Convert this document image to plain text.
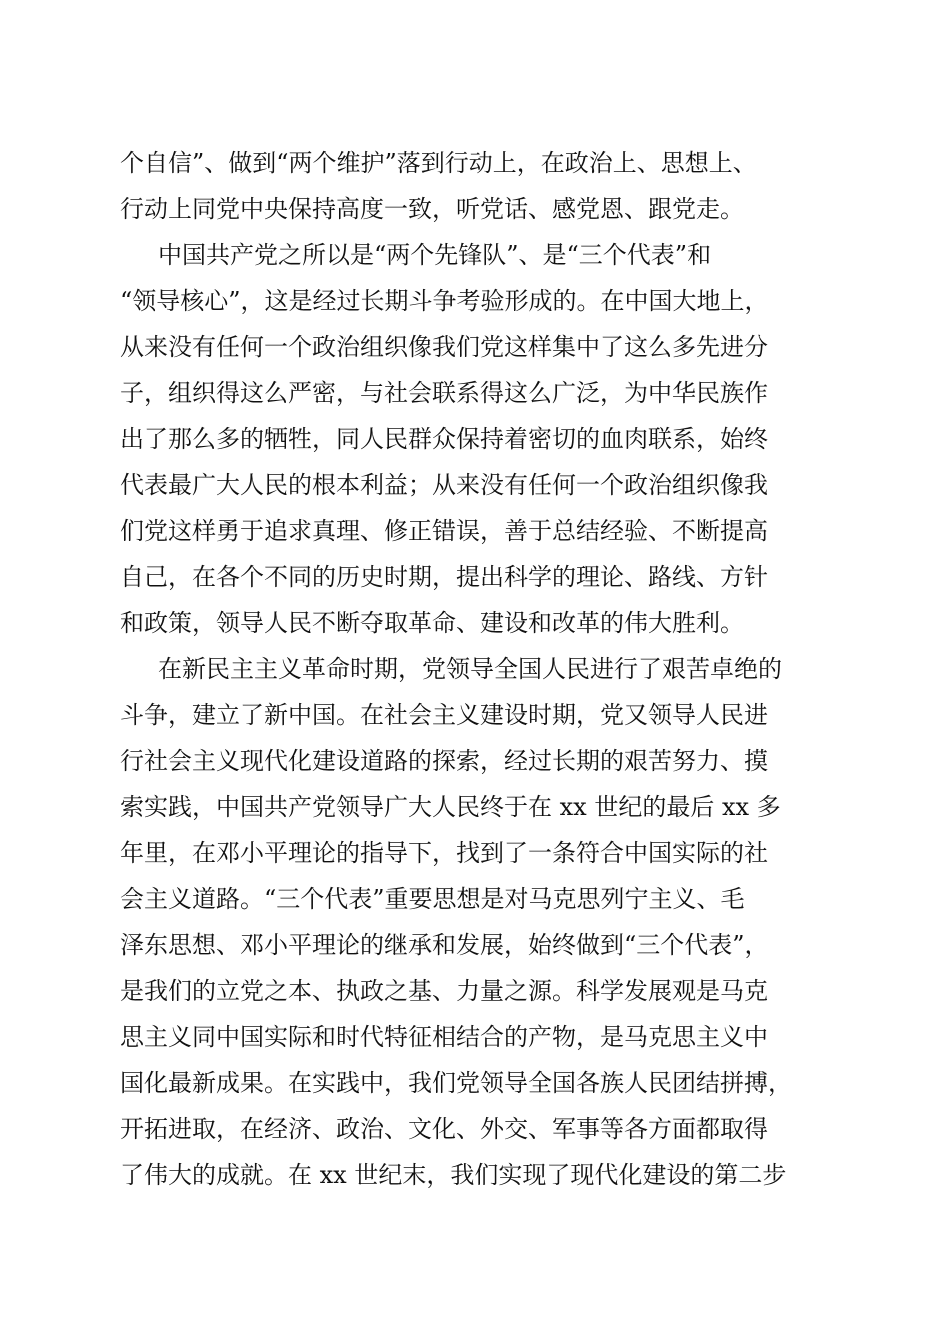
个自信”、做到“两个维护”落到行动上，在政治上、思想上、
行动上同党中央保持高度一致，听党话、感党恩、跟党走。
中国共产党之所以是“两个先锋队”、是“三个代表”和
“领导核心”，这是经过长期斗争考验形成的。在中国大地上，
从来没有任何一个政治组织像我们党这样集中了这么多先进分
子，组织得这么严密，与社会联系得这么广泛，为中华民族作
出了那么多的牺牲，同人民群众保持着密切的血肉联系，始终
代表最广大人民的根本利益；从来没有任何一个政治组织像我
们党这样勇于追求真理、修正错误，善于总结经验、不断提高
自己，在各个不同的历史时期，提出科学的理论、路线、方针
和政策，领导人民不断夺取革命、建设和改革的伟大胜利。
在新民主主义革命时期，党领导全国人民进行了艰苦卓绝的
斗争，建立了新中国。在社会主义建设时期，党又领导人民进
行社会主义现代化建设道路的探索，经过长期的艰苦努力、摸
索实践，中国共产党领导广大人民终于在 xx 世纪的最后 xx 多
年里，在邓小平理论的指导下，找到了一条符合中国实际的社
会主义道路。“三个代表”重要思想是对马克思列宁主义、毛
泽东思想、邓小平理论的继承和发展，始终做到“三个代表”，
是我们的立党之本、执政之基、力量之源。科学发展观是马克
思主义同中国实际和时代特征相结合的产物，是马克思主义中
国化最新成果。在实践中，我们党领导全国各族人民团结拼搏，
开拓进取，在经济、政治、文化、外交、军事等各方面都取得
了伟大的成就。在 xx 世纪末，我们实现了现代化建设的第二步
